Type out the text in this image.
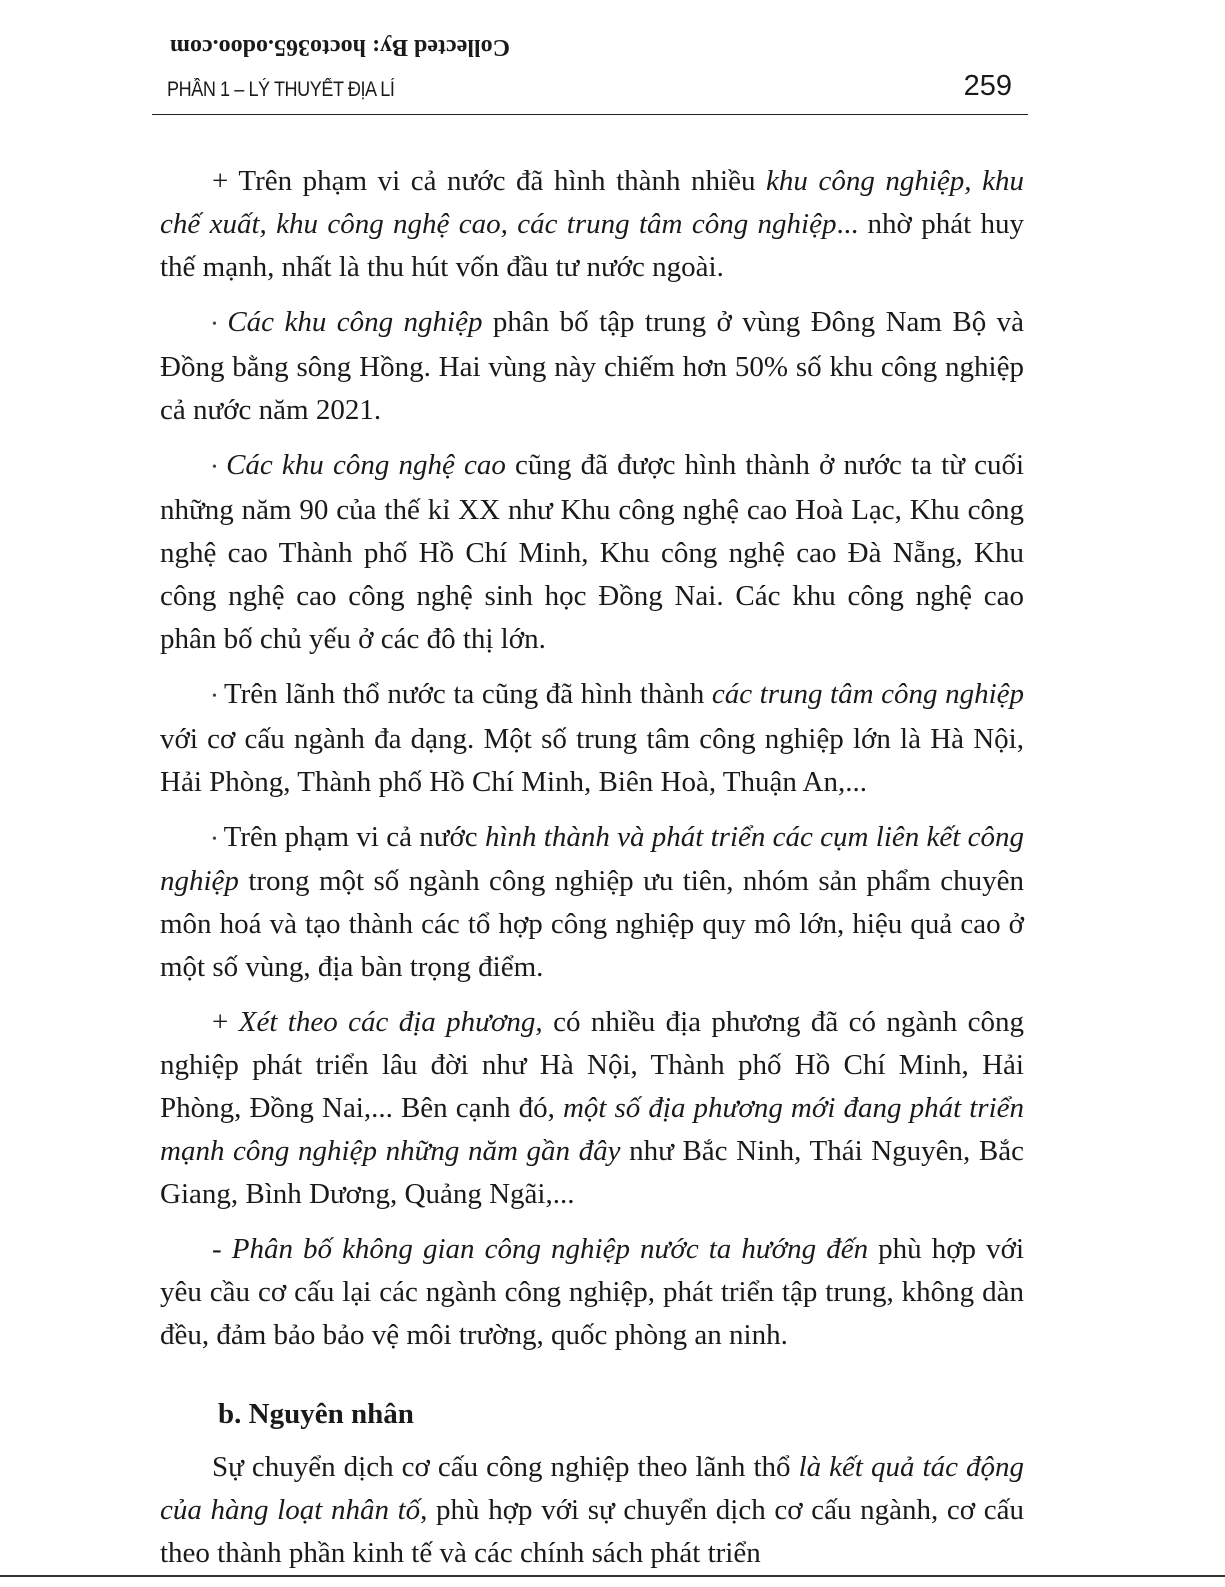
Collected By: hocto365.odoo.com
PHẦN 1 – LÝ THUYẾT ĐỊA LÍ	259

+ Trên phạm vi cả nước đã hình thành nhiều khu công nghiệp, khu chế xuất, khu công nghệ cao, các trung tâm công nghiệp... nhờ phát huy thế mạnh, nhất là thu hút vốn đầu tư nước ngoài.

• Các khu công nghiệp phân bố tập trung ở vùng Đông Nam Bộ và Đồng bằng sông Hồng. Hai vùng này chiếm hơn 50% số khu công nghiệp cả nước năm 2021.

• Các khu công nghệ cao cũng đã được hình thành ở nước ta từ cuối những năm 90 của thế kỉ XX như Khu công nghệ cao Hoà Lạc, Khu công nghệ cao Thành phố Hồ Chí Minh, Khu công nghệ cao Đà Nẵng, Khu công nghệ cao công nghệ sinh học Đồng Nai. Các khu công nghệ cao phân bố chủ yếu ở các đô thị lớn.

• Trên lãnh thổ nước ta cũng đã hình thành các trung tâm công nghiệp với cơ cấu ngành đa dạng. Một số trung tâm công nghiệp lớn là Hà Nội, Hải Phòng, Thành phố Hồ Chí Minh, Biên Hoà, Thuận An,...

• Trên phạm vi cả nước hình thành và phát triển các cụm liên kết công nghiệp trong một số ngành công nghiệp ưu tiên, nhóm sản phẩm chuyên môn hoá và tạo thành các tổ hợp công nghiệp quy mô lớn, hiệu quả cao ở một số vùng, địa bàn trọng điểm.

+ Xét theo các địa phương, có nhiều địa phương đã có ngành công nghiệp phát triển lâu đời như Hà Nội, Thành phố Hồ Chí Minh, Hải Phòng, Đồng Nai,... Bên cạnh đó, một số địa phương mới đang phát triển mạnh công nghiệp những năm gần đây như Bắc Ninh, Thái Nguyên, Bắc Giang, Bình Dương, Quảng Ngãi,...

- Phân bố không gian công nghiệp nước ta hướng đến phù hợp với yêu cầu cơ cấu lại các ngành công nghiệp, phát triển tập trung, không dàn đều, đảm bảo bảo vệ môi trường, quốc phòng an ninh.

b. Nguyên nhân

Sự chuyển dịch cơ cấu công nghiệp theo lãnh thổ là kết quả tác động của hàng loạt nhân tố, phù hợp với sự chuyển dịch cơ cấu ngành, cơ cấu theo thành phần kinh tế và các chính sách phát triển
